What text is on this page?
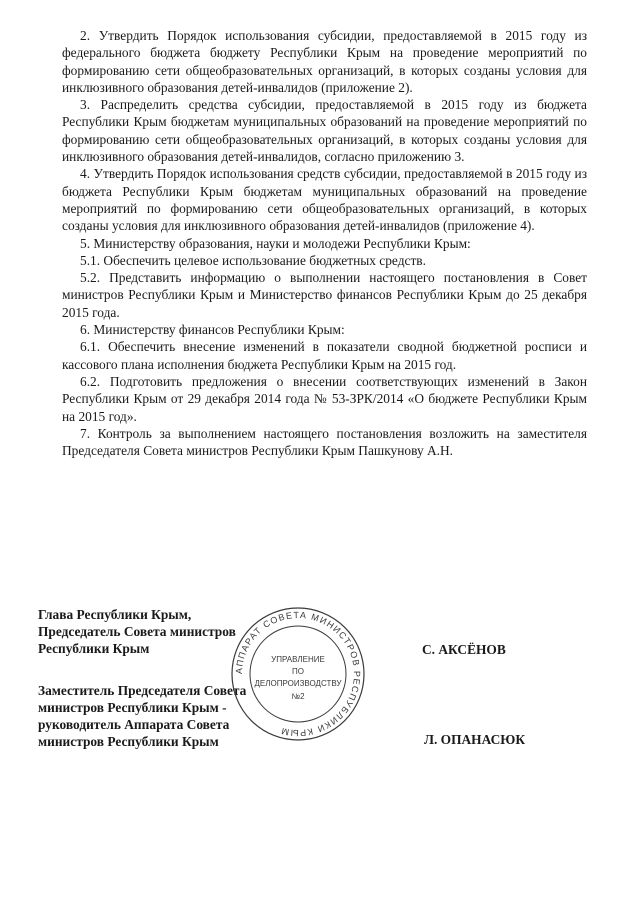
2. Утвердить Порядок использования субсидии, предоставляемой в 2015 году из федерального бюджета бюджету Республики Крым на проведение мероприятий по формированию сети общеобразовательных организаций, в которых созданы условия для инклюзивного образования детей-инвалидов (приложение 2).

3. Распределить средства субсидии, предоставляемой в 2015 году из бюджета Республики Крым бюджетам муниципальных образований на проведение мероприятий по формированию сети общеобразовательных организаций, в которых созданы условия для инклюзивного образования детей-инвалидов, согласно приложению 3.

4. Утвердить Порядок использования средств субсидии, предоставляемой в 2015 году из бюджета Республики Крым бюджетам муниципальных образований на проведение мероприятий по формированию сети общеобразовательных организаций, в которых созданы условия для инклюзивного образования детей-инвалидов (приложение 4).

5. Министерству образования, науки и молодежи Республики Крым:

5.1. Обеспечить целевое использование бюджетных средств.

5.2. Представить информацию о выполнении настоящего постановления в Совет министров Республики Крым и Министерство финансов Республики Крым до 25 декабря 2015 года.

6. Министерству финансов Республики Крым:

6.1. Обеспечить внесение изменений в показатели сводной бюджетной росписи и кассового плана исполнения бюджета Республики Крым на 2015 год.

6.2. Подготовить предложения о внесении соответствующих изменений в Закон Республики Крым от 29 декабря 2014 года № 53-ЗРК/2014 «О бюджете Республики Крым на 2015 год».

7. Контроль за выполнением настоящего постановления возложить на заместителя Председателя Совета министров Республики Крым Пашкунову А.Н.

Глава Республики Крым,
Председатель Совета министров
Республики Крым	С. АКСЁНОВ
Заместитель Председателя Совета
министров Республики Крым -
руководитель Аппарата Совета
министров Республики Крым	Л. ОПАНАСЮК
АППАРАТ СОВЕТА МИНИСТРОВ РЕСПУБЛИКИ КРЫМ
УПРАВЛЕНИЕ
ПО
ДЕЛОПРОИЗВОДСТВУ
№2
